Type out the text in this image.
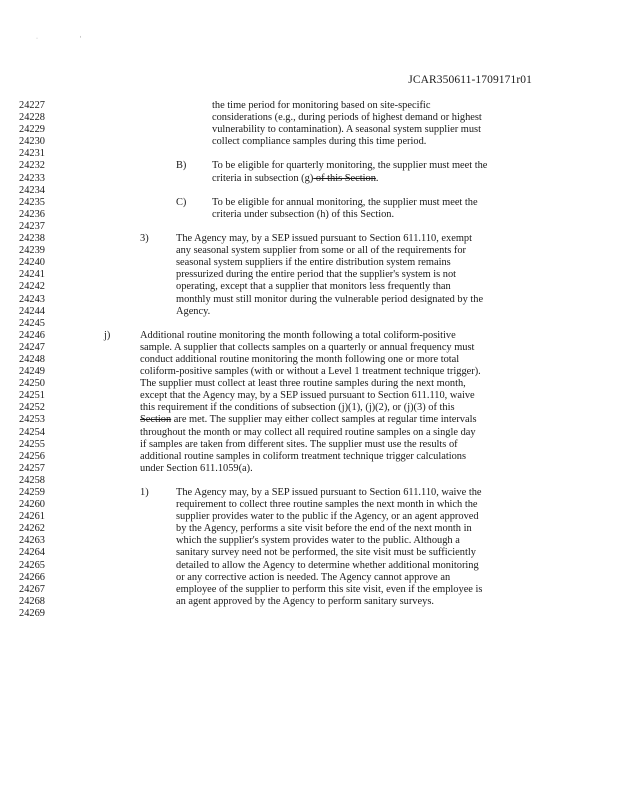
· ‘
JCAR350611-1709171r01
24227	the time period for monitoring based on site-specific
24228	considerations (e.g., during periods of highest demand or highest
24229	vulnerability to contamination). A seasonal system supplier must
24230	collect compliance samples during this time period.
24231
24232	B) To be eligible for quarterly monitoring, the supplier must meet the
24233	criteria in subsection (g) of this Section.
24234
24235	C) To be eligible for annual monitoring, the supplier must meet the
24236	criteria under subsection (h) of this Section.
24237
24238	3)	The Agency may, by a SEP issued pursuant to Section 611.110, exempt
24239	any seasonal system supplier from some or all of the requirements for
24240	seasonal system suppliers if the entire distribution system remains
24241	pressurized during the entire period that the supplier's system is not
24242	operating, except that a supplier that monitors less frequently than
24243	monthly must still monitor during the vulnerable period designated by the
24244	Agency.
24245
24246	j)	Additional routine monitoring the month following a total coliform-positive
24247	sample. A supplier that collects samples on a quarterly or annual frequency must
24248	conduct additional routine monitoring the month following one or more total
24249	coliform-positive samples (with or without a Level 1 treatment technique trigger).
24250	The supplier must collect at least three routine samples during the next month,
24251	except that the Agency may, by a SEP issued pursuant to Section 611.110, waive
24252	this requirement if the conditions of subsection (j)(1), (j)(2), or (j)(3) of this
24253	Section are met. The supplier may either collect samples at regular time intervals
24254	throughout the month or may collect all required routine samples on a single day
24255	if samples are taken from different sites. The supplier must use the results of
24256	additional routine samples in coliform treatment technique trigger calculations
24257	under Section 611.1059(a).
24258
24259	1)	The Agency may, by a SEP issued pursuant to Section 611.110, waive the
24260	requirement to collect three routine samples the next month in which the
24261	supplier provides water to the public if the Agency, or an agent approved
24262	by the Agency, performs a site visit before the end of the next month in
24263	which the supplier's system provides water to the public. Although a
24264	sanitary survey need not be performed, the site visit must be sufficiently
24265	detailed to allow the Agency to determine whether additional monitoring
24266	or any corrective action is needed. The Agency cannot approve an
24267	employee of the supplier to perform this site visit, even if the employee is
24268	an agent approved by the Agency to perform sanitary surveys.
24269
